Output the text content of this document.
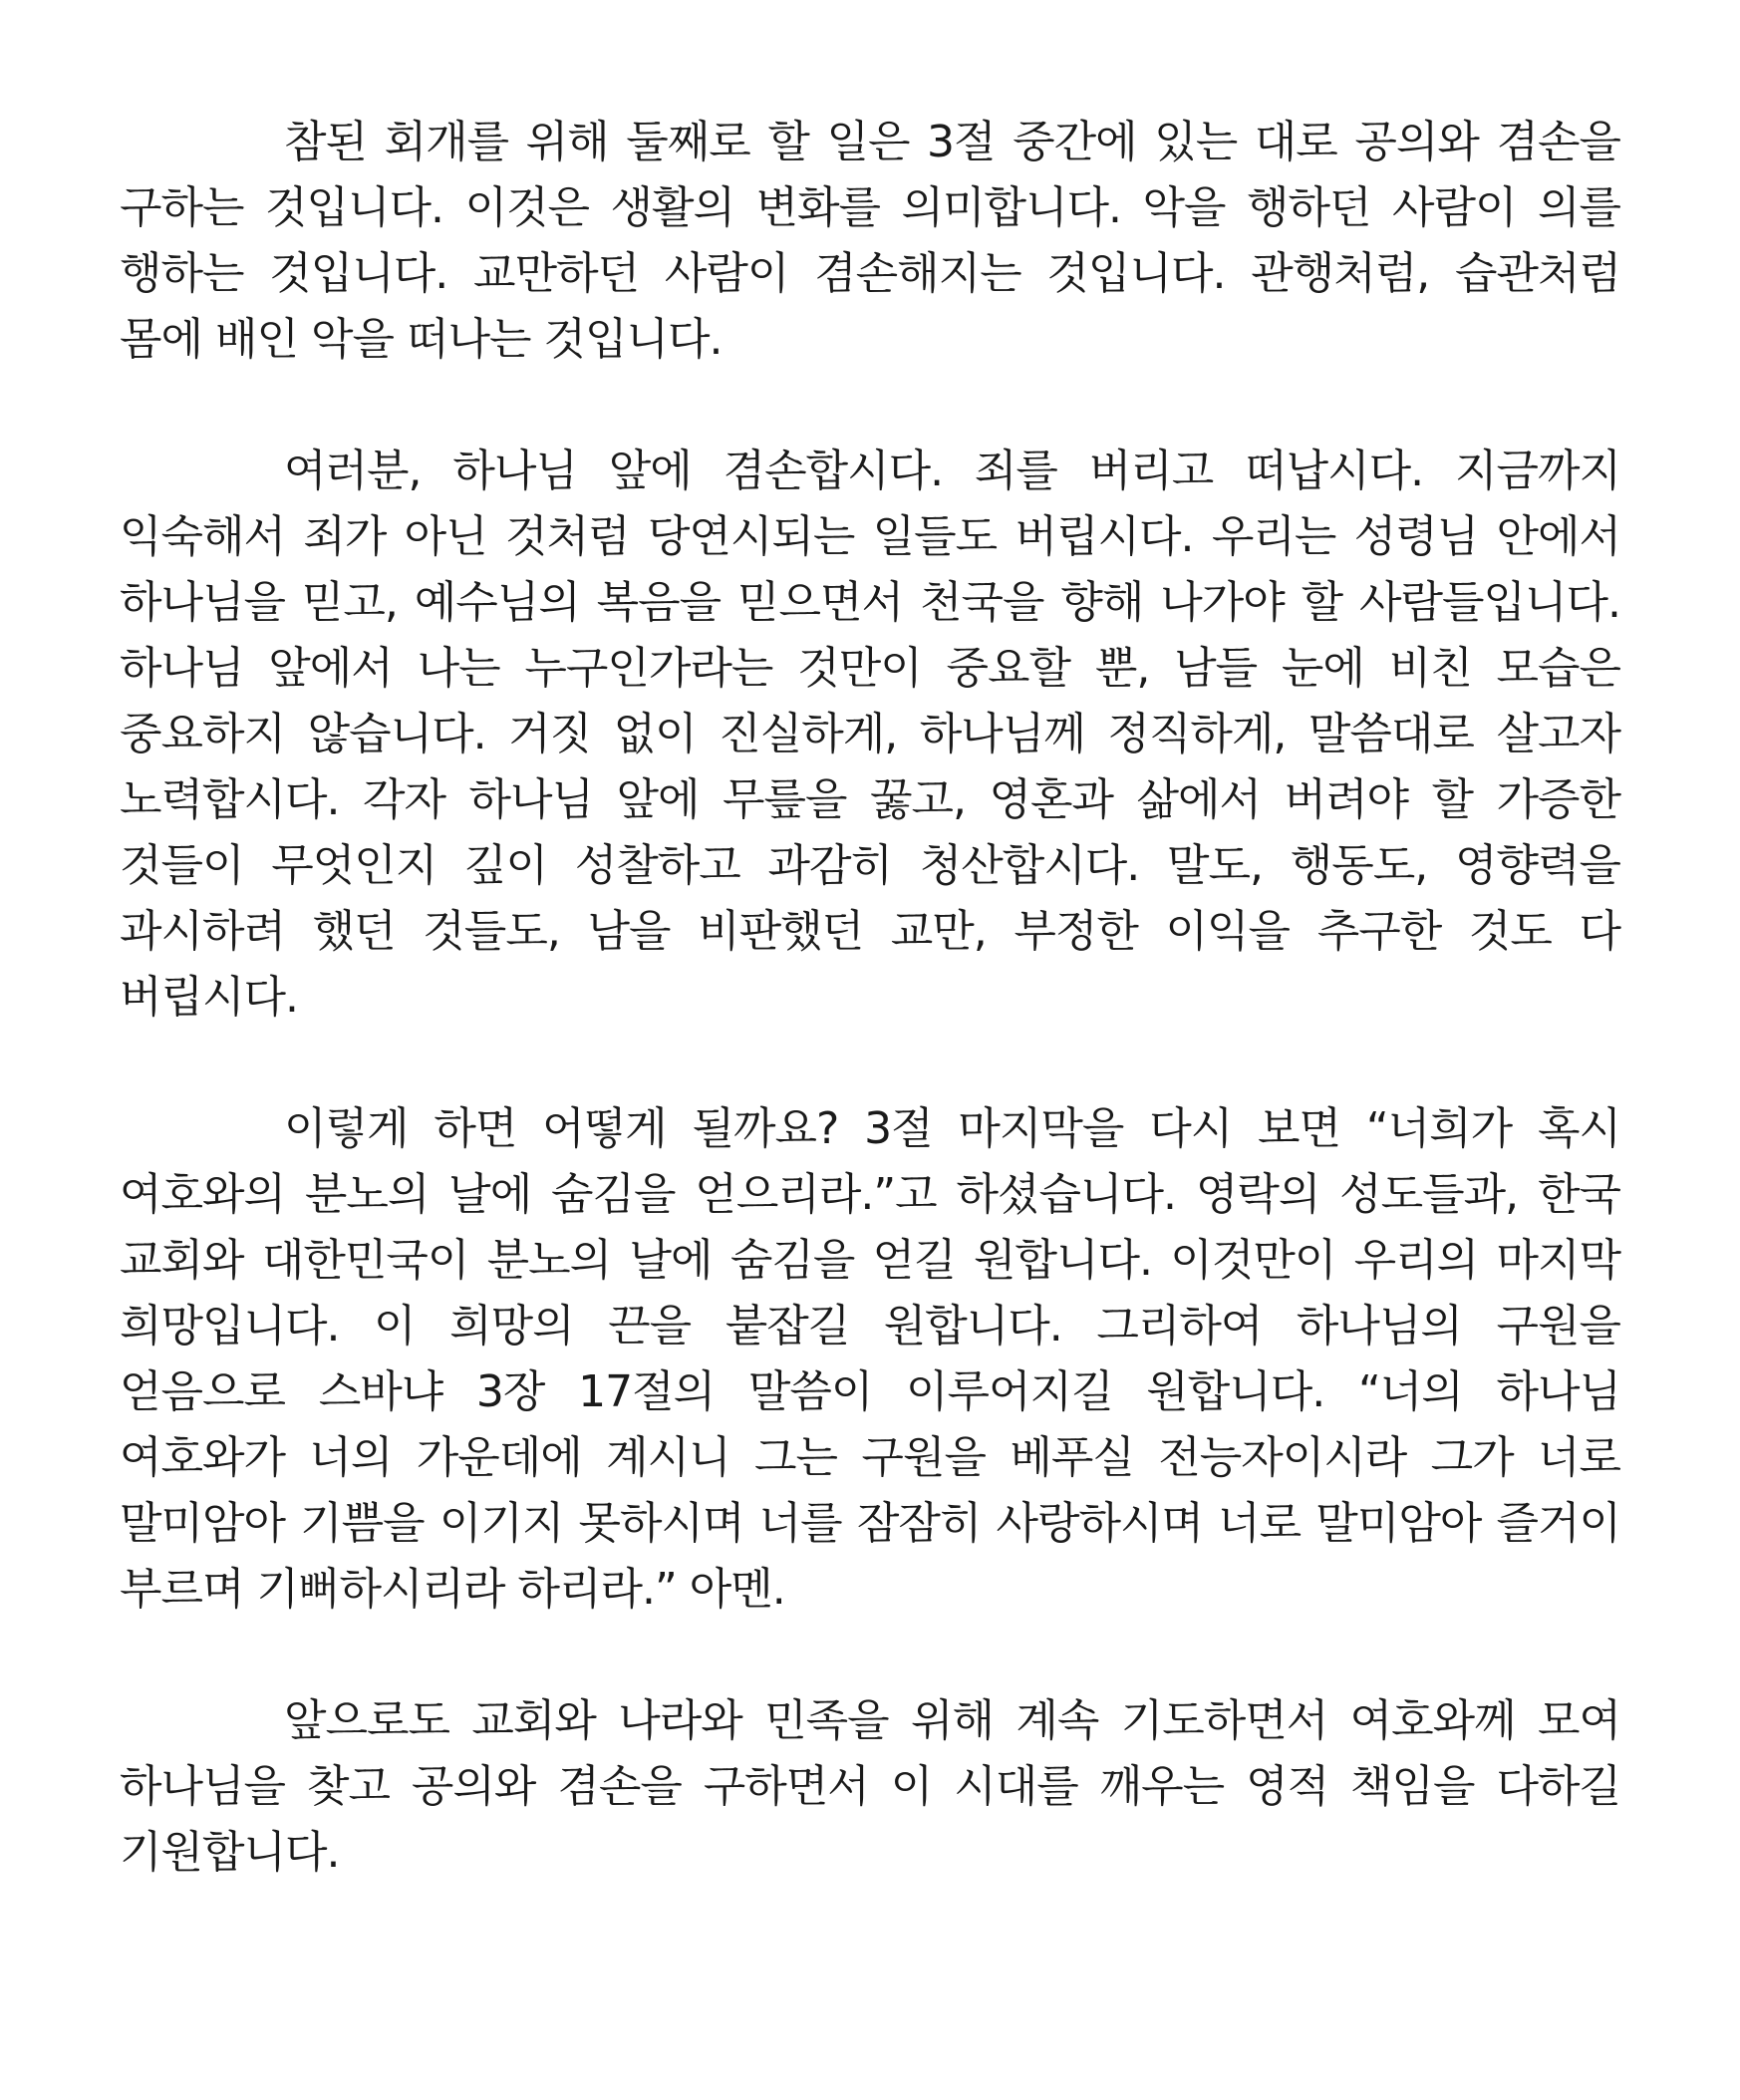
참된 회개를 위해 둘째로 할 일은 3절 중간에 있는 대로 공의와 겸손을 구하는 것입니다. 이것은 생활의 변화를 의미합니다. 악을 행하던 사람이 의를 행하는 것입니다. 교만하던 사람이 겸손해지는 것입니다. 관행처럼, 습관처럼 몸에 배인 악을 떠나는 것입니다.

여러분, 하나님 앞에 겸손합시다. 죄를 버리고 떠납시다. 지금까지 익숙해서 죄가 아닌 것처럼 당연시되는 일들도 버립시다. 우리는 성령님 안에서 하나님을 믿고, 예수님의 복음을 믿으면서 천국을 향해 나가야 할 사람들입니다. 하나님 앞에서 나는 누구인가라는 것만이 중요할 뿐, 남들 눈에 비친 모습은 중요하지 않습니다. 거짓 없이 진실하게, 하나님께 정직하게, 말씀대로 살고자 노력합시다. 각자 하나님 앞에 무릎을 꿇고, 영혼과 삶에서 버려야 할 가증한 것들이 무엇인지 깊이 성찰하고 과감히 청산합시다. 말도, 행동도, 영향력을 과시하려 했던 것들도, 남을 비판했던 교만, 부정한 이익을 추구한 것도 다 버립시다.

이렇게 하면 어떻게 될까요? 3절 마지막을 다시 보면 “너희가 혹시 여호와의 분노의 날에 숨김을 얻으리라.”고 하셨습니다. 영락의 성도들과, 한국 교회와 대한민국이 분노의 날에 숨김을 얻길 원합니다. 이것만이 우리의 마지막 희망입니다. 이 희망의 끈을 붙잡길 원합니다. 그리하여 하나님의 구원을 얻음으로 스바냐 3장 17절의 말씀이 이루어지길 원합니다. “너의 하나님 여호와가 너의 가운데에 계시니 그는 구원을 베푸실 전능자이시라 그가 너로 말미암아 기쁨을 이기지 못하시며 너를 잠잠히 사랑하시며 너로 말미암아 즐거이 부르며 기뻐하시리라 하리라.” 아멘.

앞으로도 교회와 나라와 민족을 위해 계속 기도하면서 여호와께 모여 하나님을 찾고 공의와 겸손을 구하면서 이 시대를 깨우는 영적 책임을 다하길 기원합니다.
